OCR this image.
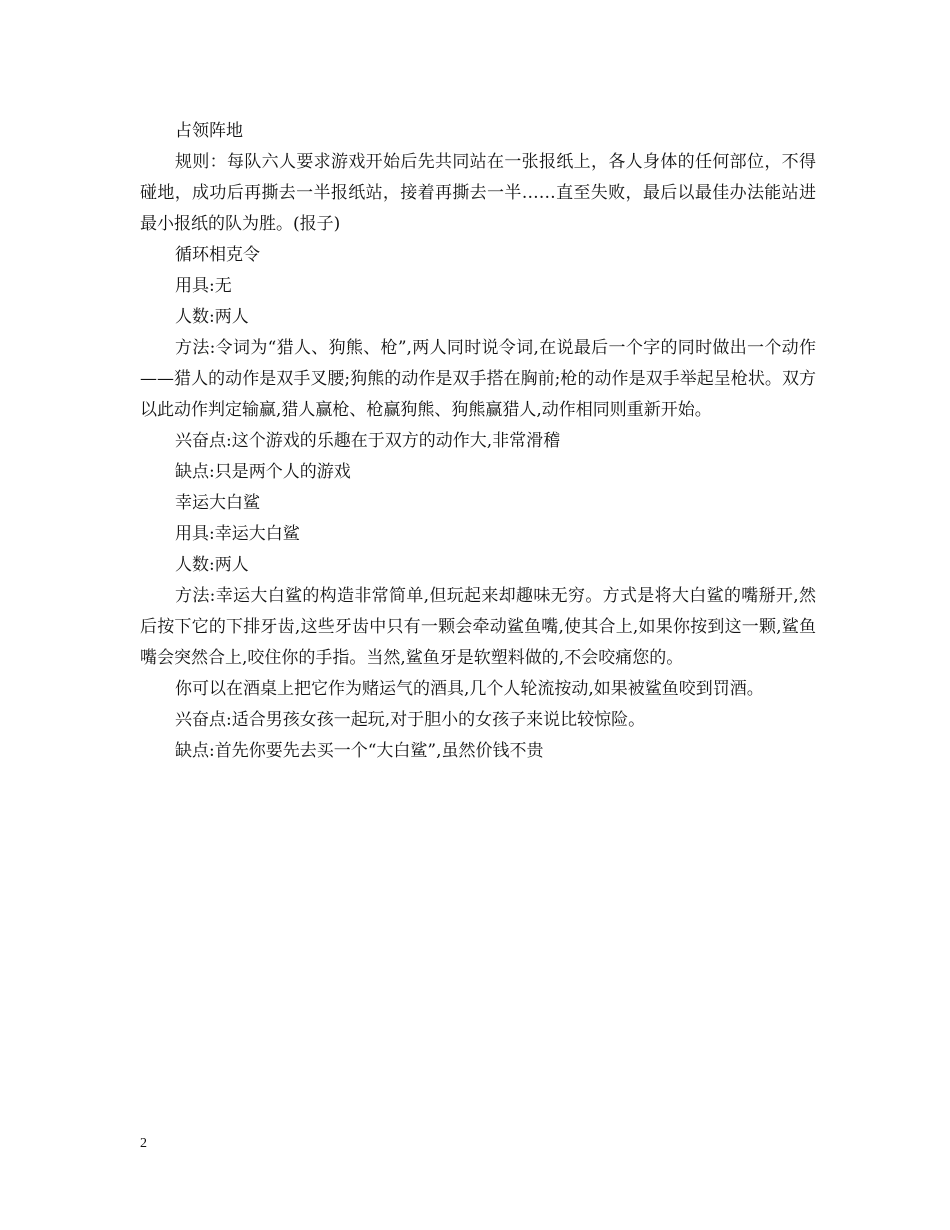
占领阵地

规则：每队六人要求游戏开始后先共同站在一张报纸上，各人身体的任何部位，不得碰地，成功后再撕去一半报纸站，接着再撕去一半……直至失败，最后以最佳办法能站进最小报纸的队为胜。(报子)

循环相克令

用具:无

人数:两人

方法:令词为“猎人、狗熊、枪”,两人同时说令词,在说最后一个字的同时做出一个动作——猎人的动作是双手叉腰;狗熊的动作是双手搭在胸前;枪的动作是双手举起呈枪状。双方以此动作判定输赢,猎人赢枪、枪赢狗熊、狗熊赢猎人,动作相同则重新开始。

兴奋点:这个游戏的乐趣在于双方的动作大,非常滑稽

缺点:只是两个人的游戏

幸运大白鲨

用具:幸运大白鲨

人数:两人

方法:幸运大白鲨的构造非常简单,但玩起来却趣味无穷。方式是将大白鲨的嘴掰开,然后按下它的下排牙齿,这些牙齿中只有一颗会牵动鲨鱼嘴,使其合上,如果你按到这一颗,鲨鱼嘴会突然合上,咬住你的手指。当然,鲨鱼牙是软塑料做的,不会咬痛您的。

你可以在酒桌上把它作为赌运气的酒具,几个人轮流按动,如果被鲨鱼咬到罚酒。

兴奋点:适合男孩女孩一起玩,对于胆小的女孩子来说比较惊险。

缺点:首先你要先去买一个“大白鲨”,虽然价钱不贵

2
